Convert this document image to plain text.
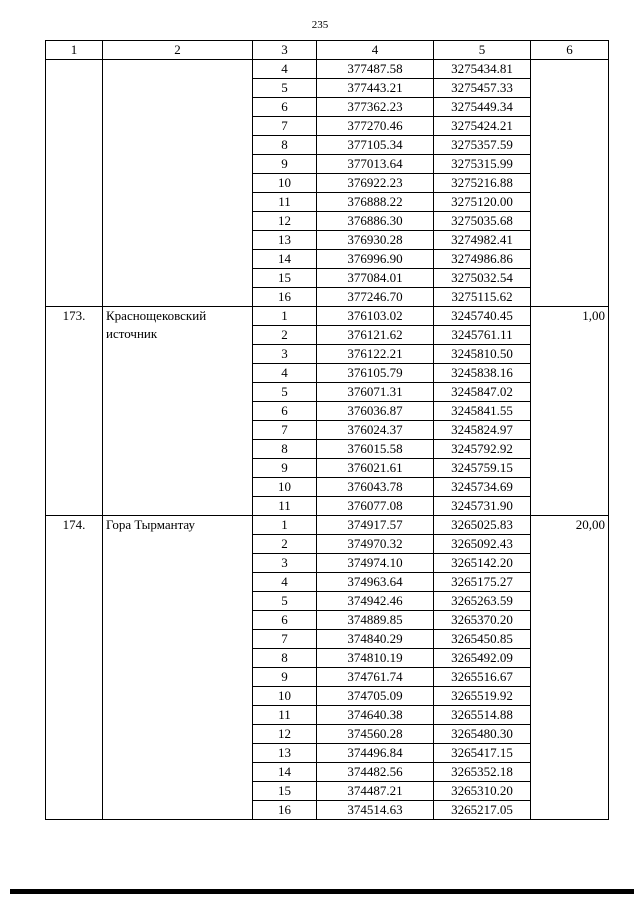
235
1	2	3	4	5	6
		4	377487.58	3275434.81	
		5	377443.21	3275457.33	
		6	377362.23	3275449.34	
		7	377270.46	3275424.21	
		8	377105.34	3275357.59	
		9	377013.64	3275315.99	
		10	376922.23	3275216.88	
		11	376888.22	3275120.00	
		12	376886.30	3275035.68	
		13	376930.28	3274982.41	
		14	376996.90	3274986.86	
		15	377084.01	3275032.54	
		16	377246.70	3275115.62	
173.	Краснощековский источник	1	376103.02	3245740.45	1,00
		2	376121.62	3245761.11	
		3	376122.21	3245810.50	
		4	376105.79	3245838.16	
		5	376071.31	3245847.02	
		6	376036.87	3245841.55	
		7	376024.37	3245824.97	
		8	376015.58	3245792.92	
		9	376021.61	3245759.15	
		10	376043.78	3245734.69	
		11	376077.08	3245731.90	
174.	Гора Тырмантау	1	374917.57	3265025.83	20,00
		2	374970.32	3265092.43	
		3	374974.10	3265142.20	
		4	374963.64	3265175.27	
		5	374942.46	3265263.59	
		6	374889.85	3265370.20	
		7	374840.29	3265450.85	
		8	374810.19	3265492.09	
		9	374761.74	3265516.67	
		10	374705.09	3265519.92	
		11	374640.38	3265514.88	
		12	374560.28	3265480.30	
		13	374496.84	3265417.15	
		14	374482.56	3265352.18	
		15	374487.21	3265310.20	
		16	374514.63	3265217.05	
